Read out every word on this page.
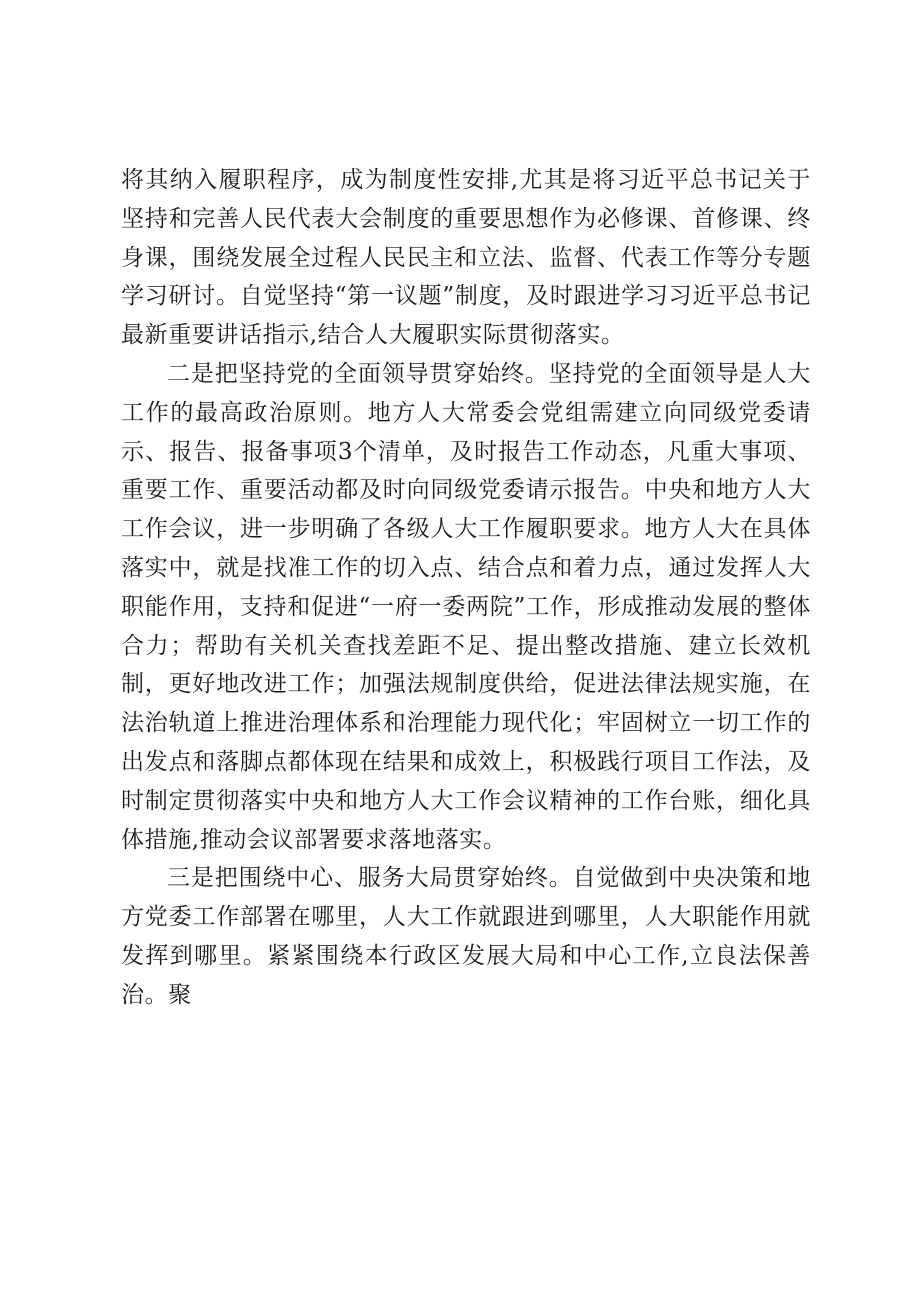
将其纳入履职程序，成为制度性安排,尤其是将习近平总书记关于坚持和完善人民代表大会制度的重要思想作为必修课、首修课、终身课，围绕发展全过程人民民主和立法、监督、代表工作等分专题学习研讨。自觉坚持“第一议题”制度，及时跟进学习习近平总书记最新重要讲话指示,结合人大履职实际贯彻落实。

二是把坚持党的全面领导贯穿始终。坚持党的全面领导是人大工作的最高政治原则。地方人大常委会党组需建立向同级党委请示、报告、报备事项3个清单，及时报告工作动态，凡重大事项、重要工作、重要活动都及时向同级党委请示报告。中央和地方人大工作会议，进一步明确了各级人大工作履职要求。地方人大在具体落实中，就是找准工作的切入点、结合点和着力点，通过发挥人大职能作用，支持和促进“一府一委两院”工作，形成推动发展的整体合力；帮助有关机关查找差距不足、提出整改措施、建立长效机制，更好地改进工作；加强法规制度供给，促进法律法规实施，在法治轨道上推进治理体系和治理能力现代化；牢固树立一切工作的出发点和落脚点都体现在结果和成效上，积极践行项目工作法，及时制定贯彻落实中央和地方人大工作会议精神的工作台账，细化具体措施,推动会议部署要求落地落实。

三是把围绕中心、服务大局贯穿始终。自觉做到中央决策和地方党委工作部署在哪里，人大工作就跟进到哪里，人大职能作用就发挥到哪里。紧紧围绕本行政区发展大局和中心工作,立良法保善治。聚
